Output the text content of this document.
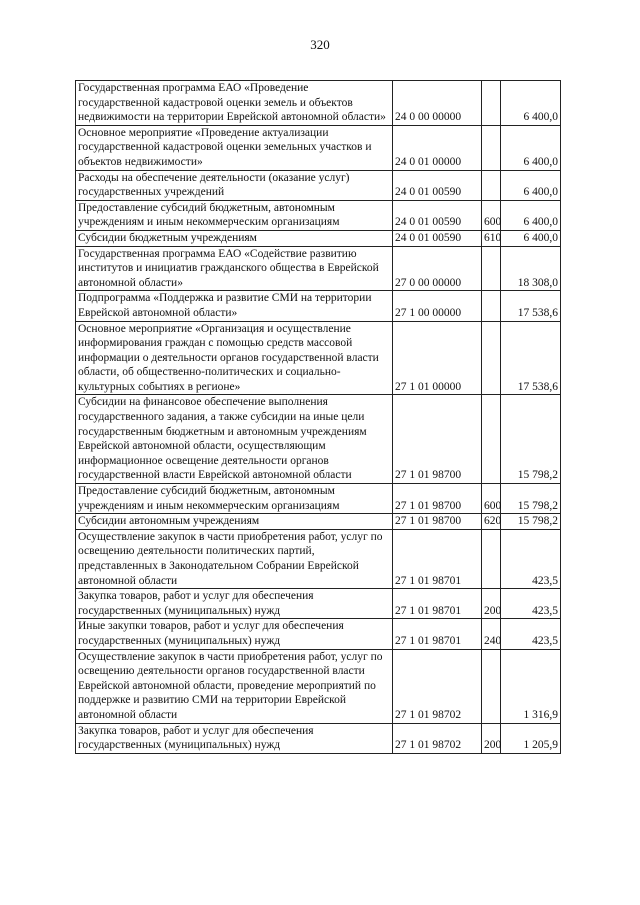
320
Государственная программа ЕАО «Проведение государственной кадастровой оценки земель и объектов недвижимости на территории Еврейской автономной области»	24 0 00 00000		6 400,0
Основное мероприятие «Проведение актуализации государственной кадастровой оценки земельных участков и объектов недвижимости»	24 0 01 00000		6 400,0
Расходы на обеспечение деятельности (оказание услуг) государственных учреждений	24 0 01 00590		6 400,0
Предоставление субсидий бюджетным, автономным учреждениям и иным некоммерческим организациям	24 0 01 00590	600	6 400,0
Субсидии бюджетным учреждениям	24 0 01 00590	610	6 400,0
Государственная программа ЕАО «Содействие развитию институтов и инициатив гражданского общества в Еврейской автономной области»	27 0 00 00000		18 308,0
Подпрограмма «Поддержка и развитие СМИ на территории Еврейской автономной области»	27 1 00 00000		17 538,6
Основное мероприятие «Организация и осуществление информирования граждан с помощью средств массовой информации о деятельности органов государственной власти области, об общественно-политических и социально-культурных событиях в регионе»	27 1 01 00000		17 538,6
Субсидии на финансовое обеспечение выполнения государственного задания, а также субсидии на иные цели государственным бюджетным и автономным учреждениям Еврейской автономной области, осуществляющим информационное освещение деятельности органов государственной власти Еврейской автономной области	27 1 01 98700		15 798,2
Предоставление субсидий бюджетным, автономным учреждениям и иным некоммерческим организациям	27 1 01 98700	600	15 798,2
Субсидии автономным учреждениям	27 1 01 98700	620	15 798,2
Осуществление закупок в части приобретения работ, услуг по освещению деятельности политических партий, представленных в Законодательном Собрании Еврейской автономной области	27 1 01 98701		423,5
Закупка товаров, работ и услуг для обеспечения государственных (муниципальных) нужд	27 1 01 98701	200	423,5
Иные закупки товаров, работ и услуг для обеспечения государственных (муниципальных) нужд	27 1 01 98701	240	423,5
Осуществление закупок в части приобретения работ, услуг по освещению деятельности органов государственной власти Еврейской автономной области, проведение мероприятий по поддержке и развитию СМИ на территории Еврейской автономной области	27 1 01 98702		1 316,9
Закупка товаров, работ и услуг для обеспечения государственных (муниципальных) нужд	27 1 01 98702	200	1 205,9
